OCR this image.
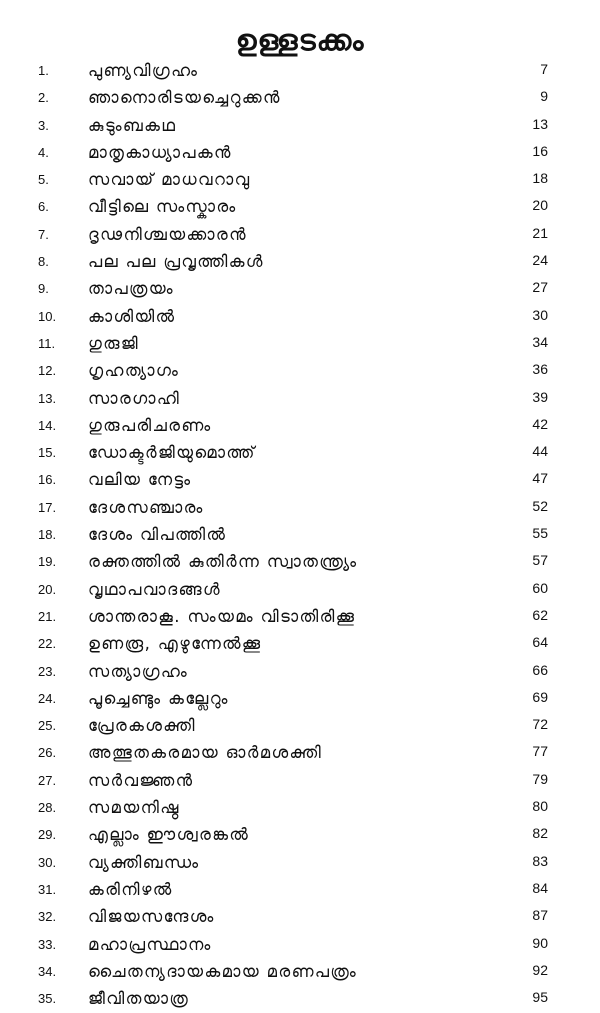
ഉള്ളടക്കം
1. പുണ്യവിഗ്രഹം	7
2. ഞാനൊരിടയച്ചെറുക്കൻ	9
3. കുടുംബകഥ	13
4. മാതൃകാധ്യാപകൻ	16
5. സവായ് മാധവറാവു	18
6. വീട്ടിലെ സംസ്കാരം	20
7. ദൃഢനിശ്ചയക്കാരൻ	21
8. പല പല പ്രവൃത്തികൾ	24
9. താപത്രയം	27
10. കാശിയിൽ	30
11. ഗുരുജി	34
12. ഗൃഹത്യാഗം	36
13. സാരഗാഹി	39
14. ഗുരുപരിചരണം	42
15. ഡോക്ടർജിയുമൊത്ത്	44
16. വലിയ നേട്ടം	47
17. ദേശസഞ്ചാരം	52
18. ദേശം വിപത്തിൽ	55
19. രക്തത്തിൽ കുതിർന്ന സ്വാതന്ത്ര്യം	57
20. വൃഥാപവാദങ്ങൾ	60
21. ശാന്തരാകൂ. സംയമം വിടാതിരിക്കൂ	62
22. ഉണരൂ, എഴുന്നേൽക്കൂ	64
23. സത്യാഗ്രഹം	66
24. പൂച്ചെണ്ടും കല്ലേറും	69
25. പ്രേരകശക്തി	72
26. അത്ഭുതകരമായ ഓർമശക്തി	77
27. സർവജ്ഞൻ	79
28. സമയനിഷ്ഠ	80
29. എല്ലാം ഈശ്വരങ്കൽ	82
30. വ്യക്തിബന്ധം	83
31. കരിനിഴൽ	84
32. വിജയസന്ദേശം	87
33. മഹാപ്രസ്ഥാനം	90
34. ചൈതന്യദായകമായ മരണപത്രം	92
35. ജീവിതയാത്ര	95
